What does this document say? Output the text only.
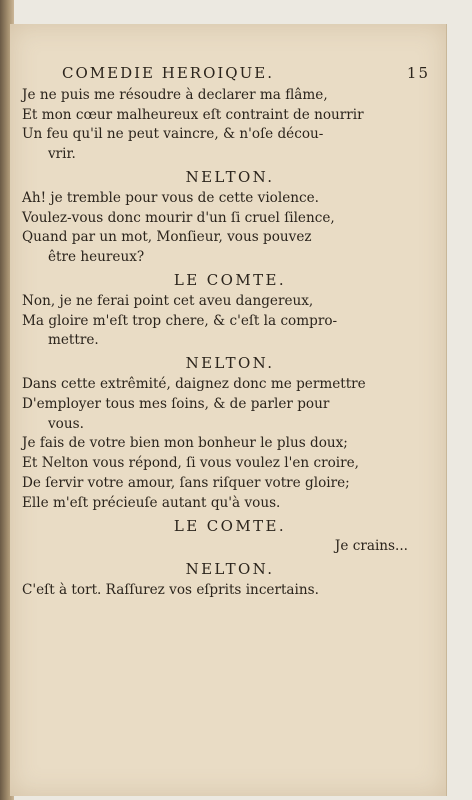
COMEDIE HEROIQUE.	15
Je ne puis me résoudre à declarer ma flâme,
Et mon cœur malheureux eſt contraint de nourrir
Un feu qu'il ne peut vaincre, & n'oſe décou-
vrir.
NELTON.
Ah! je tremble pour vous de cette violence.
Voulez-vous donc mourir d'un ſi cruel ſilence,
Quand par un mot, Monſieur, vous pouvez
être heureux?
LE COMTE.
Non, je ne ferai point cet aveu dangereux,
Ma gloire m'eſt trop chere, & c'eſt la compro-
mettre.
NELTON.
Dans cette extrêmité, daignez donc me permettre
D'employer tous mes ſoins, & de parler pour
vous.
Je fais de votre bien mon bonheur le plus doux;
Et Nelton vous répond, ſi vous voulez l'en croire,
De ſervir votre amour, ſans riſquer votre gloire;
Elle m'eſt précieuſe autant qu'à vous.
LE COMTE.
Je crains...
NELTON.
C'eſt à tort. Raſſurez vos eſprits incertains.
